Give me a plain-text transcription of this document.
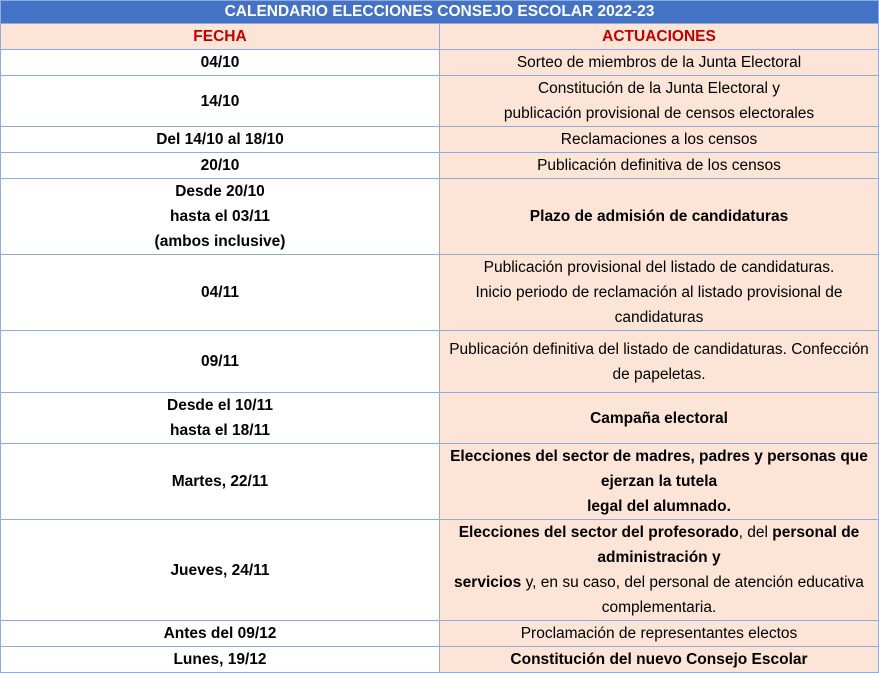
CALENDARIO ELECCIONES CONSEJO ESCOLAR 2022-23	
FECHA	ACTUACIONES

04/10	Sorteo de miembros de la Junta Electoral

14/10	Constitución de la Junta Electoral y
publicación provisional de censos electorales

Del 14/10 al 18/10	Reclamaciones a los censos

20/10	Publicación definitiva de los censos

Desde 20/10
hasta el 03/11
(ambos inclusive)	Plazo de admisión de candidaturas

04/11	Publicación provisional del listado de candidaturas.
Inicio periodo de reclamación al listado provisional de candidaturas

09/11	Publicación definitiva del listado de candidaturas. Confección de papeletas.

Desde el 10/11
hasta el 18/11	Campaña electoral

Martes, 22/11	Elecciones del sector de madres, padres y personas que ejerzan la tutela
legal del alumnado.

Jueves, 24/11	Elecciones del sector del profesorado, del personal de administración y
servicios y, en su caso, del personal de atención educativa complementaria.

Antes del 09/12	Proclamación de representantes electos

Lunes, 19/12	Constitución del nuevo Consejo Escolar
